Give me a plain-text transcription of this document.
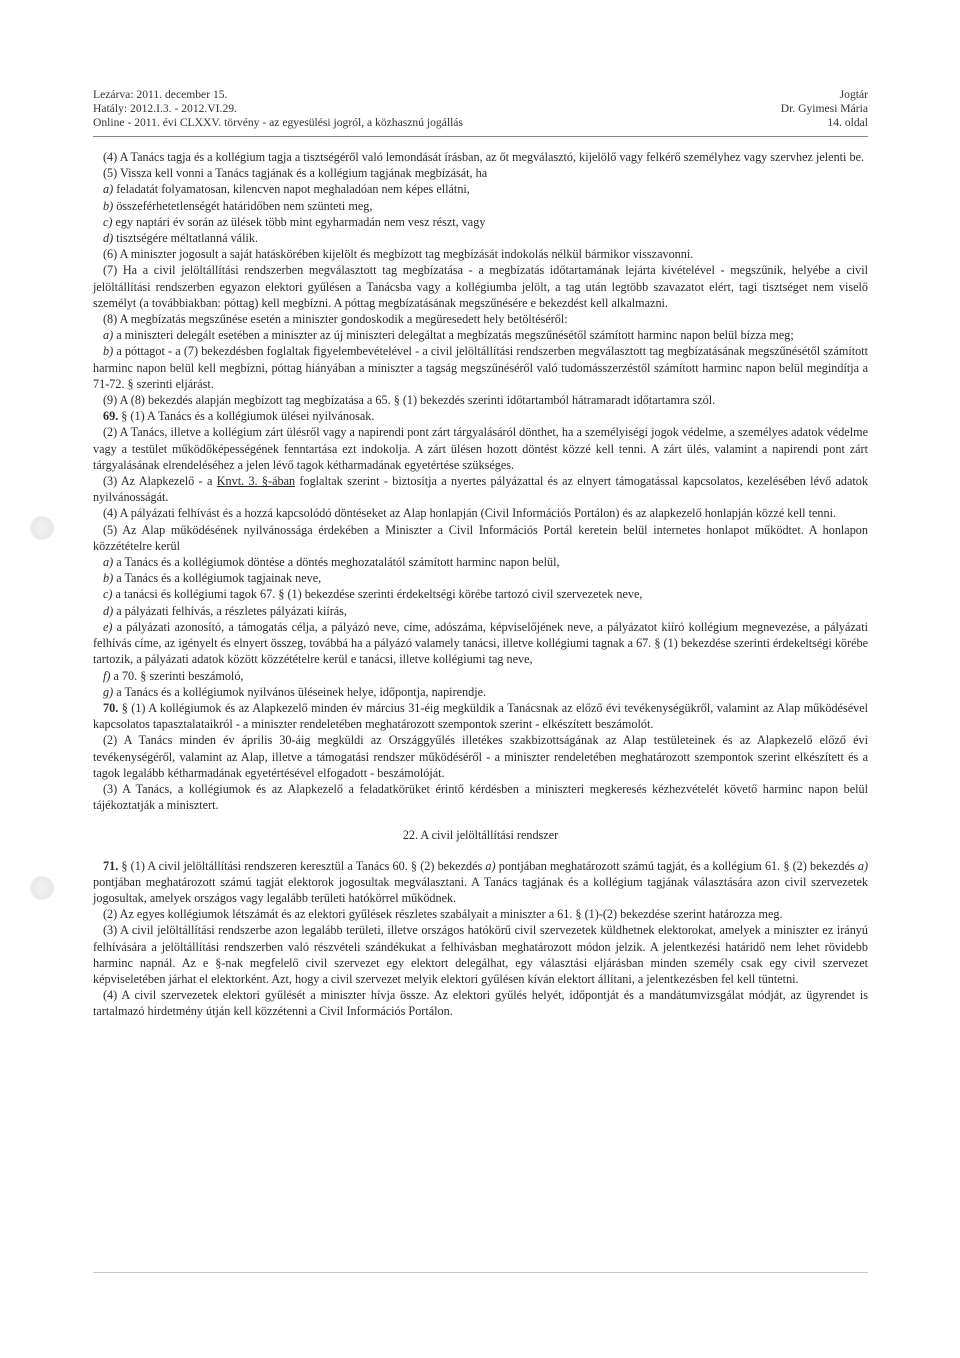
Lezárva: 2011. december 15.
Hatály: 2012.I.3. - 2012.VI.29.
Online - 2011. évi CLXXV. törvény - az egyesülési jogról, a közhasznú jogállás
Jogtár
Dr. Gyimesi Mária
14. oldal

(4) A Tanács tagja és a kollégium tagja a tisztségéről való lemondását írásban, az őt megválasztó, kijelölő vagy felkérő személyhez vagy szervhez jelenti be.

(5) Vissza kell vonni a Tanács tagjának és a kollégium tagjának megbízását, ha

a) feladatát folyamatosan, kilencven napot meghaladóan nem képes ellátni,

b) összeférhetetlenségét határidőben nem szünteti meg,

c) egy naptári év során az ülések több mint egyharmadán nem vesz részt, vagy

d) tisztségére méltatlanná válik.

(6) A miniszter jogosult a saját hatáskörében kijelölt és megbízott tag megbízását indokolás nélkül bármikor visszavonni.

(7) Ha a civil jelöltállítási rendszerben megválasztott tag megbízatása - a megbízatás időtartamának lejárta kivételével - megszűnik, helyébe a civil jelöltállítási rendszerben egyazon elektori gyűlésen a Tanácsba vagy a kollégiumba jelölt, a tag után legtöbb szavazatot elért, tagi tisztséget nem viselő személyt (a továbbiakban: póttag) kell megbízni. A póttag megbízatásának megszűnésére e bekezdést kell alkalmazni.

(8) A megbízatás megszűnése esetén a miniszter gondoskodik a megüresedett hely betöltéséről:

a) a miniszteri delegált esetében a miniszter az új miniszteri delegáltat a megbízatás megszűnésétől számított harminc napon belül bízza meg;

b) a póttagot - a (7) bekezdésben foglaltak figyelembevételével - a civil jelöltállítási rendszerben megválasztott tag megbízatásának megszűnésétől számított harminc napon belül kell megbízni, póttag hiányában a miniszter a tagság megszűnéséről való tudomásszerzéstől számított harminc napon belül megindítja a 71-72. § szerinti eljárást.

(9) A (8) bekezdés alapján megbízott tag megbízatása a 65. § (1) bekezdés szerinti időtartamból hátramaradt időtartamra szól.

69. § (1) A Tanács és a kollégiumok ülései nyilvánosak.

(2) A Tanács, illetve a kollégium zárt ülésről vagy a napirendi pont zárt tárgyalásáról dönthet, ha a személyiségi jogok védelme, a személyes adatok védelme vagy a testület működőképességének fenntartása ezt indokolja. A zárt ülésen hozott döntést közzé kell tenni. A zárt ülés, valamint a napirendi pont zárt tárgyalásának elrendeléséhez a jelen lévő tagok kétharmadának egyetértése szükséges.

(3) Az Alapkezelő - a Knvt. 3. §-ában foglaltak szerint - biztosítja a nyertes pályázattal és az elnyert támogatással kapcsolatos, kezelésében lévő adatok nyilvánosságát.

(4) A pályázati felhívást és a hozzá kapcsolódó döntéseket az Alap honlapján (Civil Információs Portálon) és az alapkezelő honlapján közzé kell tenni.

(5) Az Alap működésének nyilvánossága érdekében a Miniszter a Civil Információs Portál keretein belül internetes honlapot működtet. A honlapon közzétételre kerül

a) a Tanács és a kollégiumok döntése a döntés meghozatalától számított harminc napon belül,

b) a Tanács és a kollégiumok tagjainak neve,

c) a tanácsi és kollégiumi tagok 67. § (1) bekezdése szerinti érdekeltségi körébe tartozó civil szervezetek neve,

d) a pályázati felhívás, a részletes pályázati kiírás,

e) a pályázati azonosító, a támogatás célja, a pályázó neve, címe, adószáma, képviselőjének neve, a pályázatot kiíró kollégium megnevezése, a pályázati felhívás címe, az igényelt és elnyert összeg, továbbá ha a pályázó valamely tanácsi, illetve kollégiumi tagnak a 67. § (1) bekezdése szerinti érdekeltségi körébe tartozik, a pályázati adatok között közzétételre kerül e tanácsi, illetve kollégiumi tag neve,

f) a 70. § szerinti beszámoló,

g) a Tanács és a kollégiumok nyilvános üléseinek helye, időpontja, napirendje.

70. § (1) A kollégiumok és az Alapkezelő minden év március 31-éig megküldik a Tanácsnak az előző évi tevékenységükről, valamint az Alap működésével kapcsolatos tapasztalataikról - a miniszter rendeletében meghatározott szempontok szerint - elkészített beszámolót.

(2) A Tanács minden év április 30-áig megküldi az Országgyűlés illetékes szakbizottságának az Alap testületeinek és az Alapkezelő előző évi tevékenységéről, valamint az Alap, illetve a támogatási rendszer működéséről - a miniszter rendeletében meghatározott szempontok szerint elkészített és a tagok legalább kétharmadának egyetértésével elfogadott - beszámolóját.

(3) A Tanács, a kollégiumok és az Alapkezelő a feladatkörüket érintő kérdésben a miniszteri megkeresés kézhezvételét követő harminc napon belül tájékoztatják a minisztert.

22. A civil jelöltállítási rendszer

71. § (1) A civil jelöltállítási rendszeren keresztül a Tanács 60. § (2) bekezdés a) pontjában meghatározott számú tagját, és a kollégium 61. § (2) bekezdés a) pontjában meghatározott számú tagját elektorok jogosultak megválasztani. A Tanács tagjának és a kollégium tagjának választására azon civil szervezetek jogosultak, amelyek országos vagy legalább területi hatókörrel működnek.

(2) Az egyes kollégiumok létszámát és az elektori gyűlések részletes szabályait a miniszter a 61. § (1)-(2) bekezdése szerint határozza meg.

(3) A civil jelöltállítási rendszerbe azon legalább területi, illetve országos hatókörű civil szervezetek küldhetnek elektorokat, amelyek a miniszter ez irányú felhívására a jelöltállítási rendszerben való részvételi szándékukat a felhívásban meghatározott módon jelzik. A jelentkezési határidő nem lehet rövidebb harminc napnál. Az e §-nak megfelelő civil szervezet egy elektort delegálhat, egy választási eljárásban minden személy csak egy civil szervezet képviseletében járhat el elektorként. Azt, hogy a civil szervezet melyik elektori gyűlésen kíván elektort állítani, a jelentkezésben fel kell tüntetni.

(4) A civil szervezetek elektori gyűlését a miniszter hívja össze. Az elektori gyűlés helyét, időpontját és a mandátumvizsgálat módját, az ügyrendet is tartalmazó hirdetmény útján kell közzétenni a Civil Információs Portálon.
